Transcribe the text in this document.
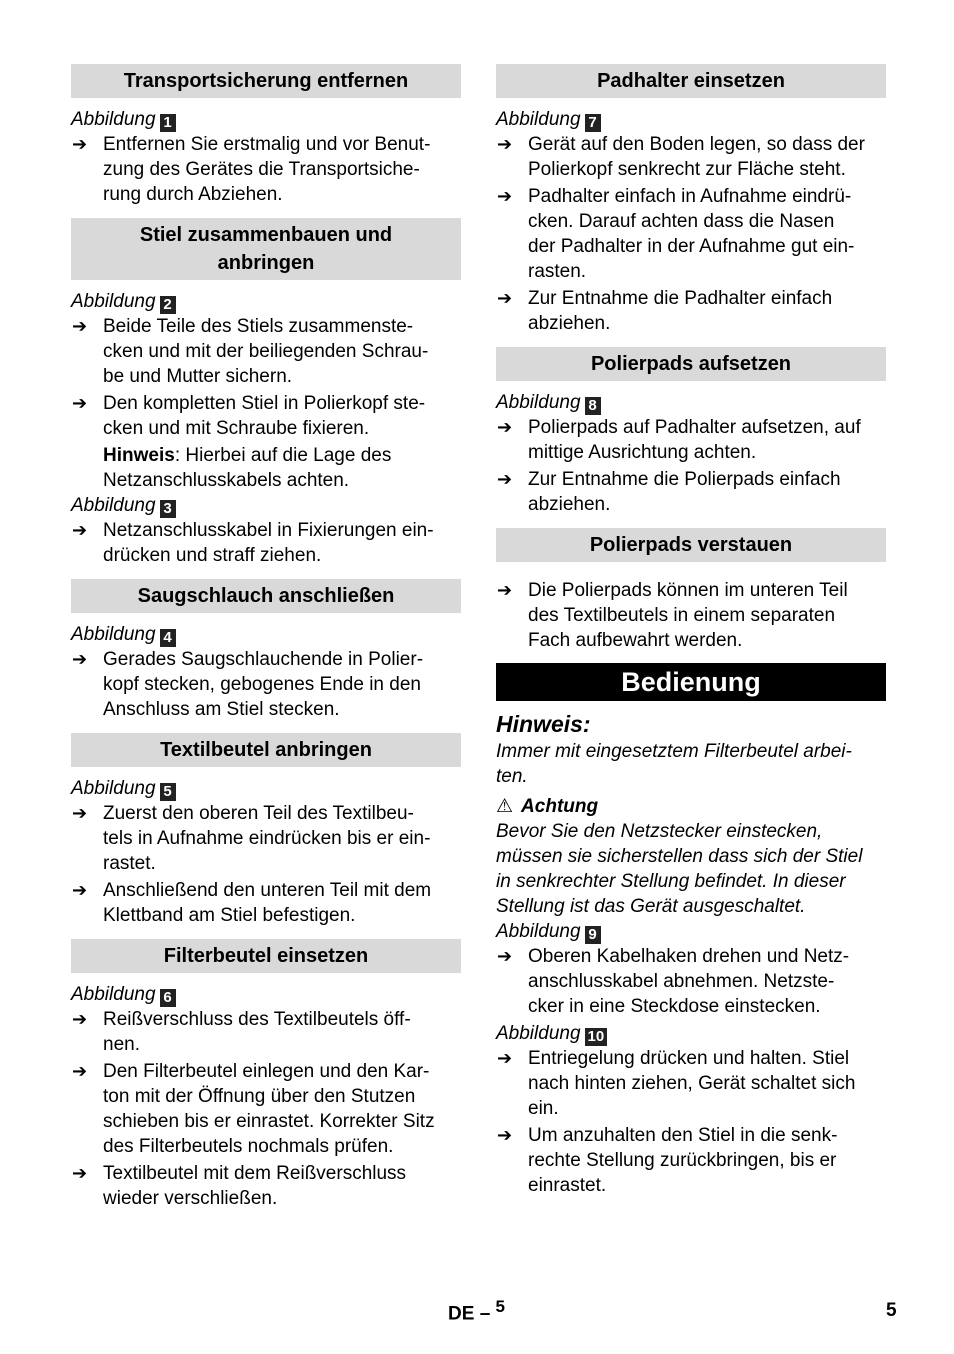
Transportsicherung entfernen
Abbildung 1
➔ Entfernen Sie erstmalig und vor Benut-
zung des Gerätes die Transportsiche-
rung durch Abziehen.
Stiel zusammenbauen und
anbringen
Abbildung 2
➔ Beide Teile des Stiels zusammenste-
cken und mit der beiliegenden Schrau-
be und Mutter sichern.
➔ Den kompletten Stiel in Polierkopf ste-
cken und mit Schraube fixieren.
Hinweis: Hierbei auf die Lage des
Netzanschlusskabels achten.
Abbildung 3
➔ Netzanschlusskabel in Fixierungen ein-
drücken und straff ziehen.
Saugschlauch anschließen
Abbildung 4
➔ Gerades Saugschlauchende in Polier-
kopf stecken, gebogenes Ende in den
Anschluss am Stiel stecken.
Textilbeutel anbringen
Abbildung 5
➔ Zuerst den oberen Teil des Textilbeu-
tels in Aufnahme eindrücken bis er ein-
rastet.
➔ Anschließend den unteren Teil mit dem
Klettband am Stiel befestigen.
Filterbeutel einsetzen
Abbildung 6
➔ Reißverschluss des Textilbeutels öff-
nen.
➔ Den Filterbeutel einlegen und den Kar-
ton mit der Öffnung über den Stutzen
schieben bis er einrastet. Korrekter Sitz
des Filterbeutels nochmals prüfen.
➔ Textilbeutel mit dem Reißverschluss
wieder verschließen.
Padhalter einsetzen
Abbildung 7
➔ Gerät auf den Boden legen, so dass der
Polierkopf senkrecht zur Fläche steht.
➔ Padhalter einfach in Aufnahme eindrü-
cken. Darauf achten dass die Nasen
der Padhalter in der Aufnahme gut ein-
rasten.
➔ Zur Entnahme die Padhalter einfach
abziehen.
Polierpads aufsetzen
Abbildung 8
➔ Polierpads auf Padhalter aufsetzen, auf
mittige Ausrichtung achten.
➔ Zur Entnahme die Polierpads einfach
abziehen.
Polierpads verstauen
➔ Die Polierpads können im unteren Teil
des Textilbeutels in einem separaten
Fach aufbewahrt werden.
Bedienung
Hinweis:
Immer mit eingesetztem Filterbeutel arbei-
ten.
⚠ Achtung
Bevor Sie den Netzstecker einstecken,
müssen sie sicherstellen dass sich der Stiel
in senkrechter Stellung befindet. In dieser
Stellung ist das Gerät ausgeschaltet.
Abbildung 9
➔ Oberen Kabelhaken drehen und Netz-
anschlusskabel abnehmen. Netzste-
cker in eine Steckdose einstecken.
Abbildung 10
➔ Entriegelung drücken und halten. Stiel
nach hinten ziehen, Gerät schaltet sich
ein.
➔ Um anzuhalten den Stiel in die senk-
rechte Stellung zurückbringen, bis er
einrastet.
DE – $^5$	5
